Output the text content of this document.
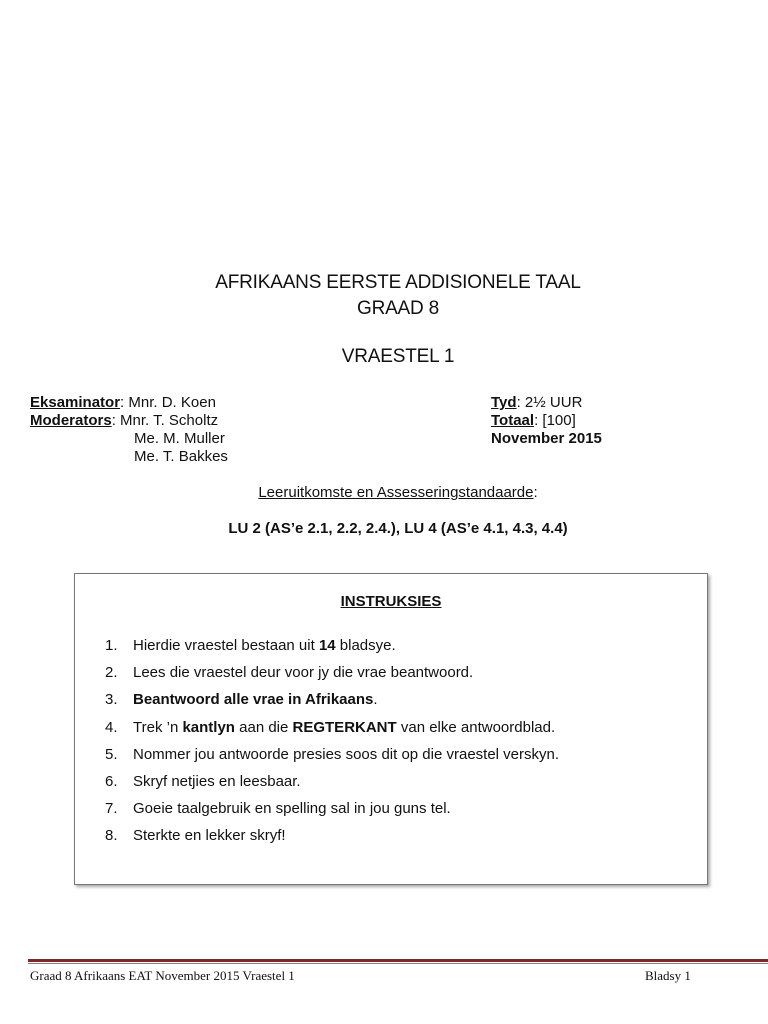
AFRIKAANS EERSTE ADDISIONELE TAAL
GRAAD 8
VRAESTEL 1
Eksaminator: Mnr. D. Koen
Moderators: Mnr. T. Scholtz
Me. M. Muller
Me. T. Bakkes
Tyd: 2½ UUR
Totaal: [100]
November 2015
Leeruitkomste en Assesseringstandaarde:
LU 2 (AS’e 2.1, 2.2, 2.4.), LU 4 (AS’e 4.1, 4.3, 4.4)
INSTRUKSIES
1. Hierdie vraestel bestaan uit 14 bladsye.
2. Lees die vraestel deur voor jy die vrae beantwoord.
3. Beantwoord alle vrae in Afrikaans.
4. Trek ’n kantlyn aan die REGTERKANT van elke antwoordblad.
5. Nommer jou antwoorde presies soos dit op die vraestel verskyn.
6. Skryf netjies en leesbaar.
7. Goeie taalgebruik en spelling sal in jou guns tel.
8. Sterkte en lekker skryf!
Graad 8 Afrikaans EAT November 2015 Vraestel 1	Bladsy 1
